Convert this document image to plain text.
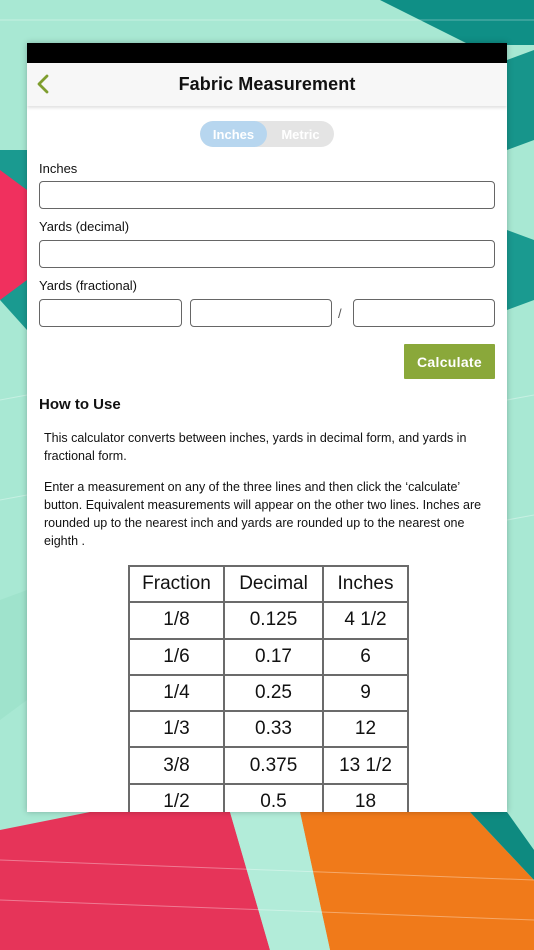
Fabric Measurement
Inches	Metric
Inches
Yards (decimal)
Yards (fractional)
/
Calculate
How to Use
This calculator converts between inches, yards in decimal form, and yards in fractional form.
Enter a measurement on any of the three lines and then click the ‘calculate’ button. Equivalent measurements will appear on the other two lines. Inches are rounded up to the nearest inch and yards are rounded up to the nearest one eighth .
Fraction	Decimal	Inches
1/8	0.125	4 1/2
1/6	0.17	6
1/4	0.25	9
1/3	0.33	12
3/8	0.375	13 1/2
1/2	0.5	18
